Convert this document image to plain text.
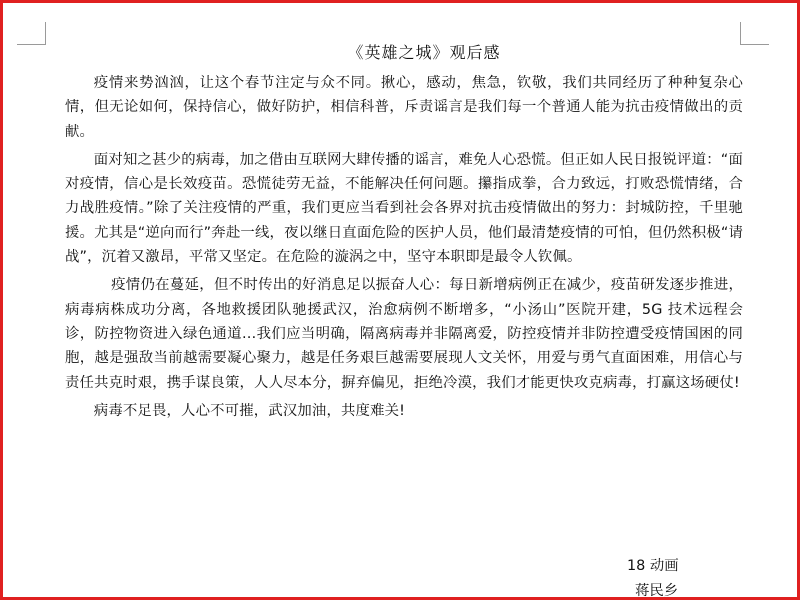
《英雄之城》观后感

疫情来势汹汹，让这个春节注定与众不同。揪心，感动，焦急，钦敬，我们共同经历了种种复杂心情，但无论如何，保持信心，做好防护，相信科普，斥责谣言是我们每一个普通人能为抗击疫情做出的贡献。

面对知之甚少的病毒，加之借由互联网大肆传播的谣言，难免人心恐慌。但正如人民日报锐评道：“面对疫情，信心是长效疫苗。恐慌徒劳无益，不能解决任何问题。攥指成拳，合力致远，打败恐慌情绪，合力战胜疫情。”除了关注疫情的严重，我们更应当看到社会各界对抗击疫情做出的努力：封城防控，千里驰援。尤其是“逆向而行”奔赴一线，夜以继日直面危险的医护人员，他们最清楚疫情的可怕，但仍然积极“请战”，沉着又激昂，平常又坚定。在危险的漩涡之中，坚守本职即是最令人钦佩。

疫情仍在蔓延，但不时传出的好消息足以振奋人心：每日新增病例正在减少，疫苗研发逐步推进，病毒病株成功分离，各地救援团队驰援武汉，治愈病例不断增多，“小汤山”医院开建，5G 技术远程会诊，防控物资进入绿色通道…我们应当明确，隔离病毒并非隔离爱，防控疫情并非防控遭受疫情国困的同胞，越是强敌当前越需要凝心聚力，越是任务艰巨越需要展现人文关怀，用爱与勇气直面困难，用信心与责任共克时艰，携手谋良策，人人尽本分，摒弃偏见，拒绝冷漠，我们才能更快攻克病毒，打赢这场硬仗!

病毒不足畏，人心不可摧，武汉加油，共度难关!

18 动画
蒋民乡
